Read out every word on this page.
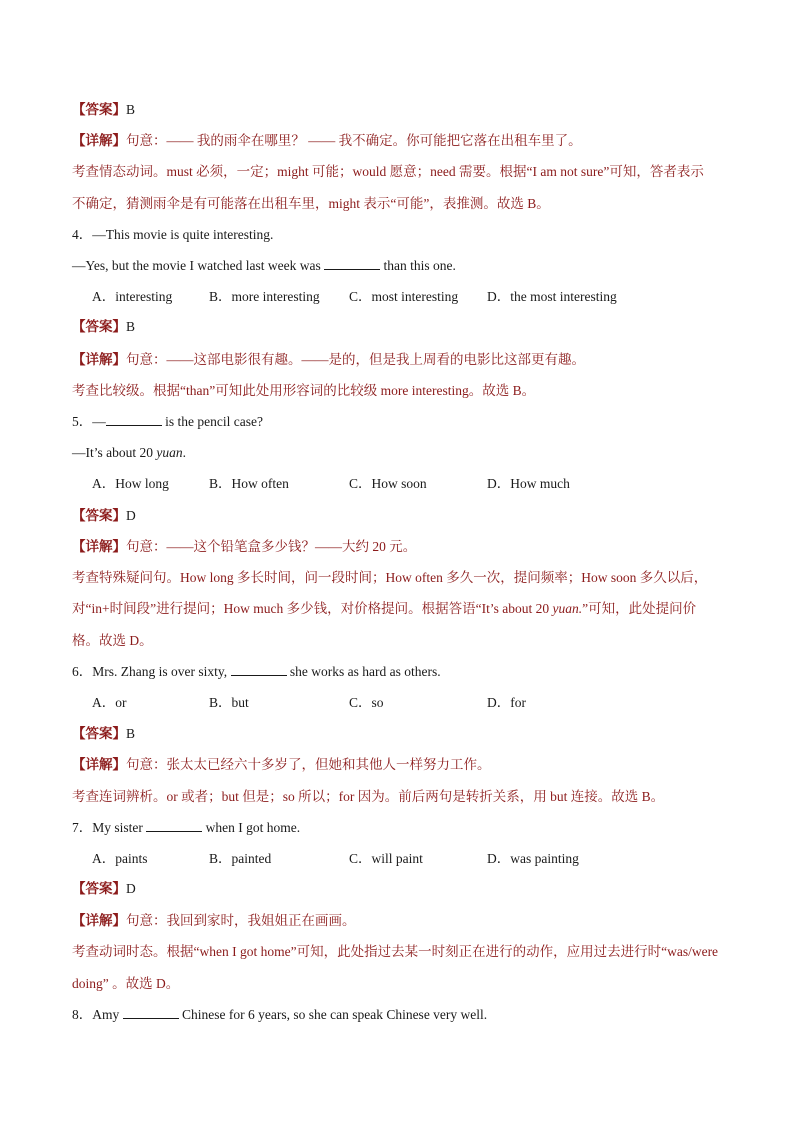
【答案】B
【详解】句意：—— 我的雨伞在哪里？ —— 我不确定。你可能把它落在出租车里了。
考查情态动词。must 必须，一定；might 可能；would 愿意；need 需要。根据“I am not sure”可知，答者表示
不确定，猜测雨伞是有可能落在出租车里，might 表示“可能”，表推测。故选 B。
4．—This movie is quite interesting.
—Yes, but the movie I watched last week was	than this one.
A．interesting	B．more interesting C．most interesting D．the most interesting
【答案】B
【详解】句意：——这部电影很有趣。——是的，但是我上周看的电影比这部更有趣。
考查比较级。根据“than”可知此处用形容词的比较级 more interesting。故选 B。
5．—	is the pencil case?
—It’s about 20 yuan.
A．How long	B．How often	C．How soon	D．How much
【答案】D
【详解】句意：——这个铅笔盒多少钱？——大约 20 元。
考查特殊疑问句。How long 多长时间，问一段时间；How often 多久一次，提问频率；How soon 多久以后，
对“in+时间段”进行提问；How much 多少钱，对价格提问。根据答语“It’s about 20 yuan.”可知，此处提问价
格。故选 D。
6．Mrs. Zhang is over sixty,	she works as hard as others.
A．or	B．but	C．so	D．for
【答案】B
【详解】句意：张太太已经六十多岁了，但她和其他人一样努力工作。
考查连词辨析。or 或者；but 但是；so 所以；for 因为。前后两句是转折关系，用 but 连接。故选 B。
7．My sister	when I got home.
A．paints	B．painted	C．will paint	D．was painting
【答案】D
【详解】句意：我回到家时，我姐姐正在画画。
考查动词时态。根据“when I got home”可知，此处指过去某一时刻正在进行的动作，应用过去进行时“was/were
doing” 。故选 D。
8．Amy	Chinese for 6 years, so she can speak Chinese very well.
